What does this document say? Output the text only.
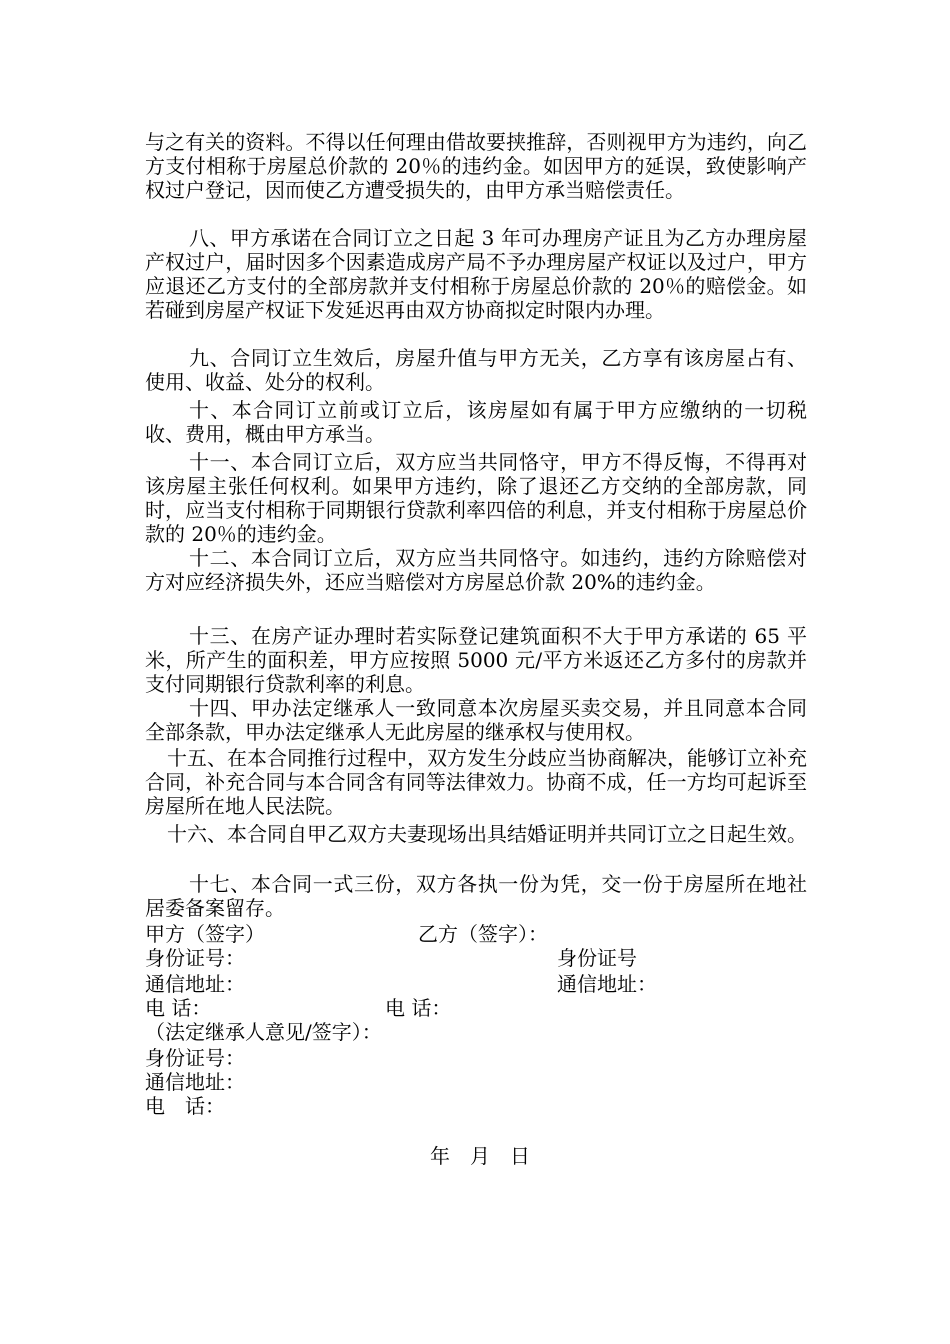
与之有关的资料。不得以任何理由借故要挟推辞，否则视甲方为违约，向乙方支付相称于房屋总价款的 20％的违约金。如因甲方的延误，致使影响产权过户登记，因而使乙方遭受损失的，由甲方承当赔偿责任。

八、甲方承诺在合同订立之日起 3 年可办理房产证且为乙方办理房屋产权过户，届时因多个因素造成房产局不予办理房屋产权证以及过户，甲方应退还乙方支付的全部房款并支付相称于房屋总价款的 20％的赔偿金。如若碰到房屋产权证下发延迟再由双方协商拟定时限内办理。

九、合同订立生效后，房屋升值与甲方无关，乙方享有该房屋占有、使用、收益、处分的权利。

十、本合同订立前或订立后，该房屋如有属于甲方应缴纳的一切税收、费用，概由甲方承当。

十一、本合同订立后，双方应当共同恪守，甲方不得反悔，不得再对该房屋主张任何权利。如果甲方违约，除了退还乙方交纳的全部房款，同时，应当支付相称于同期银行贷款利率四倍的利息，并支付相称于房屋总价款的 20％的违约金。

十二、本合同订立后，双方应当共同恪守。如违约，违约方除赔偿对方对应经济损失外，还应当赔偿对方房屋总价款 20%的违约金。

十三、在房产证办理时若实际登记建筑面积不大于甲方承诺的 65 平米，所产生的面积差，甲方应按照 5000 元/平方米返还乙方多付的房款并支付同期银行贷款利率的利息。

十四、甲办法定继承人一致同意本次房屋买卖交易，并且同意本合同全部条款，甲办法定继承人无此房屋的继承权与使用权。

十五、在本合同推行过程中，双方发生分歧应当协商解决，能够订立补充合同，补充合同与本合同含有同等法律效力。协商不成，任一方均可起诉至房屋所在地人民法院。

十六、本合同自甲乙双方夫妻现场出具结婚证明并共同订立之日起生效。

十七、本合同一式三份，双方各执一份为凭，交一份于房屋所在地社居委备案留存。

甲方（签字）	乙方（签字）：
身份证号：	身份证号
通信地址：	通信地址：
电 话：	电 话：
（法定继承人意见/签字）：
身份证号：
通信地址：
电　话：
年　月　日
